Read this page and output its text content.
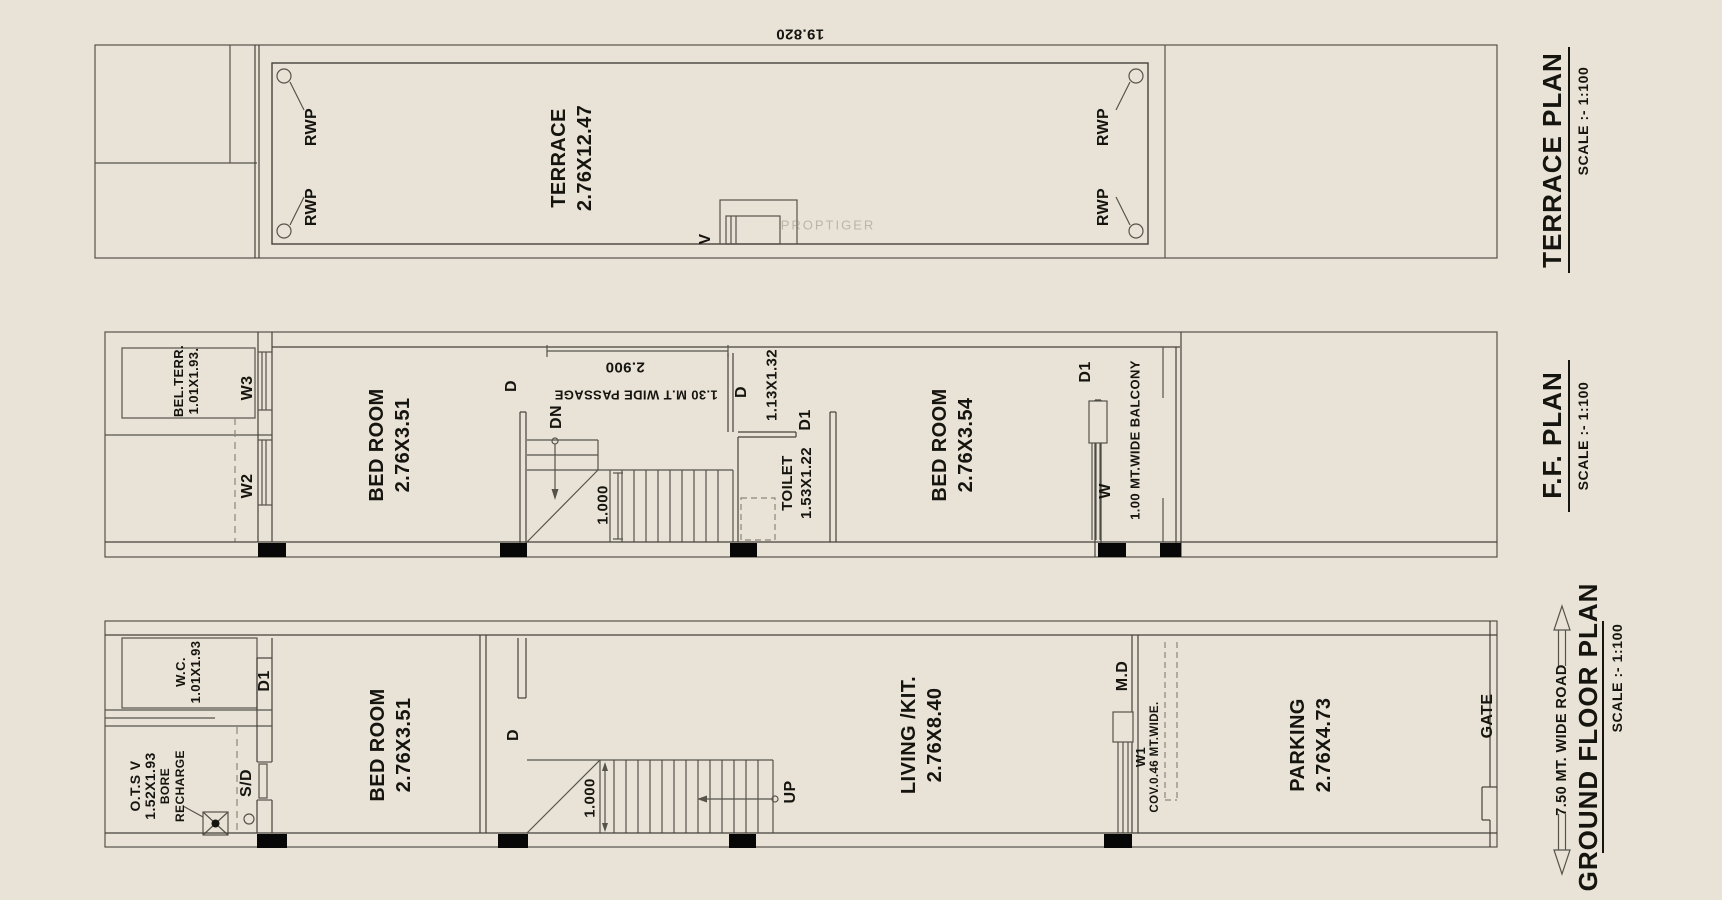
PROPTIGER
19.820
RWP
RWP
RWP
RWP
V
TERRACE 2.76X12.47	TERRACE PLAN SCALE :- 1:100
BEL.TERR. 1.01X1.93. W3
W2	BED ROOM 2.76X3.51
D
2.900
1.30 M.T WIDE PASSAGE
DN
1.000
D 1.13X1.32 D1
TOILET 1.53X1.22	BED ROOM 2.76X3.54
D1
W 1.00 MT.WIDE BALCONY	F.F. PLAN SCALE :- 1:100
W.C. 1.01X1.93	D1
O.T.S V 1.52X1.93 BORE RECHARGE	S/D	BED ROOM 2.76X3.51	D
1.000	UP	LIVING /KIT. 2.76X8.40
M.D
W1 COV.0.46 MT.WIDE.	PARKING 2.76X4.73	GATE	7.50 MT. WIDE ROAD GROUND FLOOR PLAN SCALE :- 1:100
